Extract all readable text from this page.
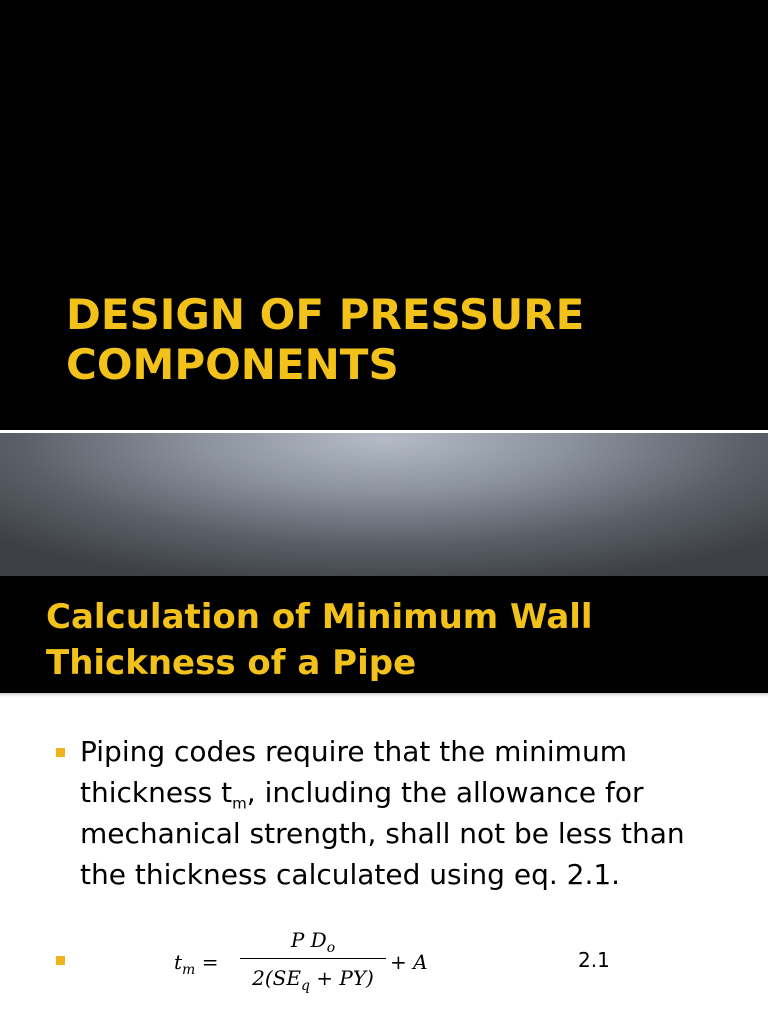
DESIGN OF PRESSURE
COMPONENTS
Calculation of Minimum Wall
Thickness of a Pipe

Piping codes require that the minimum
thickness $t_m$, including the allowance for
mechanical strength, shall not be less than
the thickness calculated using eq. 2.1.

$t_m$ =
P $D_o$
$2(SE_q + PY)$
+ A	2.1
